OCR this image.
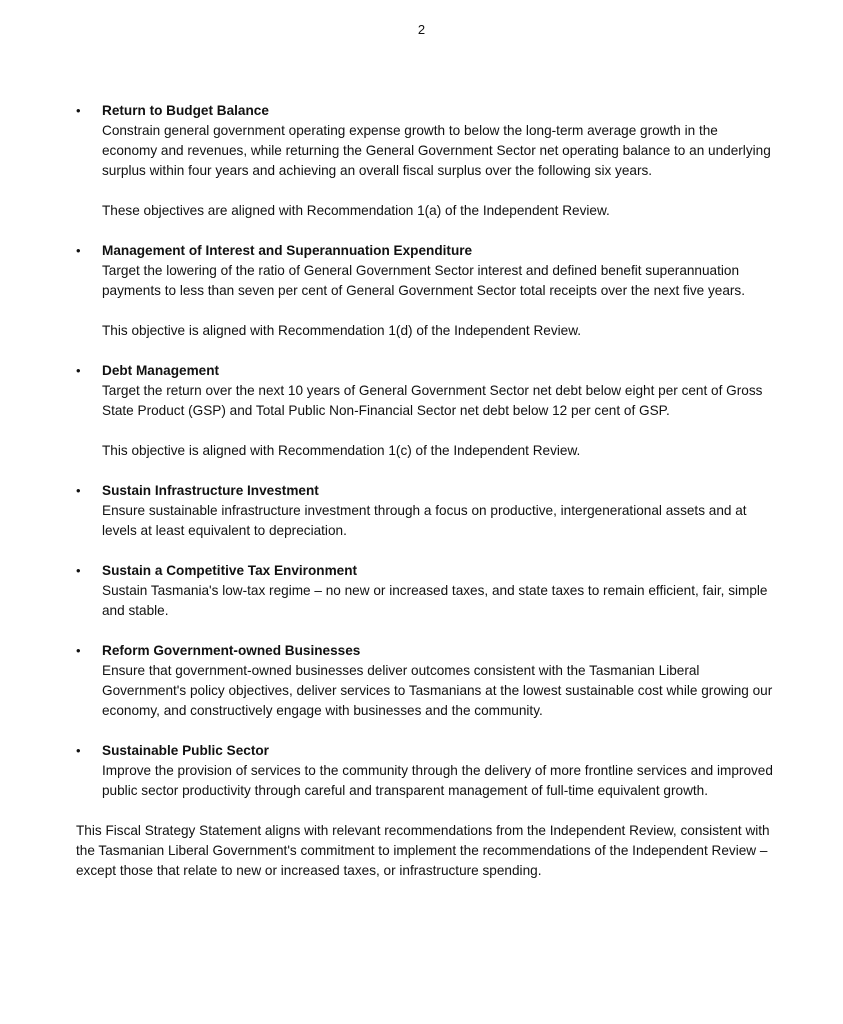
2
•	Return to Budget Balance
Constrain general government operating expense growth to below the long-term average growth in the economy and revenues, while returning the General Government Sector net operating balance to an underlying surplus within four years and achieving an overall fiscal surplus over the following six years.
These objectives are aligned with Recommendation 1(a) of the Independent Review.
•	Management of Interest and Superannuation Expenditure
Target the lowering of the ratio of General Government Sector interest and defined benefit superannuation payments to less than seven per cent of General Government Sector total receipts over the next five years.
This objective is aligned with Recommendation 1(d) of the Independent Review.
•	Debt Management
Target the return over the next 10 years of General Government Sector net debt below eight per cent of Gross State Product (GSP) and Total Public Non-Financial Sector net debt below 12 per cent of GSP.
This objective is aligned with Recommendation 1(c) of the Independent Review.
•	Sustain Infrastructure Investment
Ensure sustainable infrastructure investment through a focus on productive, intergenerational assets and at levels at least equivalent to depreciation.
•	Sustain a Competitive Tax Environment
Sustain Tasmania's low-tax regime – no new or increased taxes, and state taxes to remain efficient, fair, simple and stable.
•	Reform Government-owned Businesses
Ensure that government-owned businesses deliver outcomes consistent with the Tasmanian Liberal Government's policy objectives, deliver services to Tasmanians at the lowest sustainable cost while growing our economy, and constructively engage with businesses and the community.
•	Sustainable Public Sector
Improve the provision of services to the community through the delivery of more frontline services and improved public sector productivity through careful and transparent management of full-time equivalent growth.

This Fiscal Strategy Statement aligns with relevant recommendations from the Independent Review, consistent with the Tasmanian Liberal Government's commitment to implement the recommendations of the Independent Review – except those that relate to new or increased taxes, or infrastructure spending.
